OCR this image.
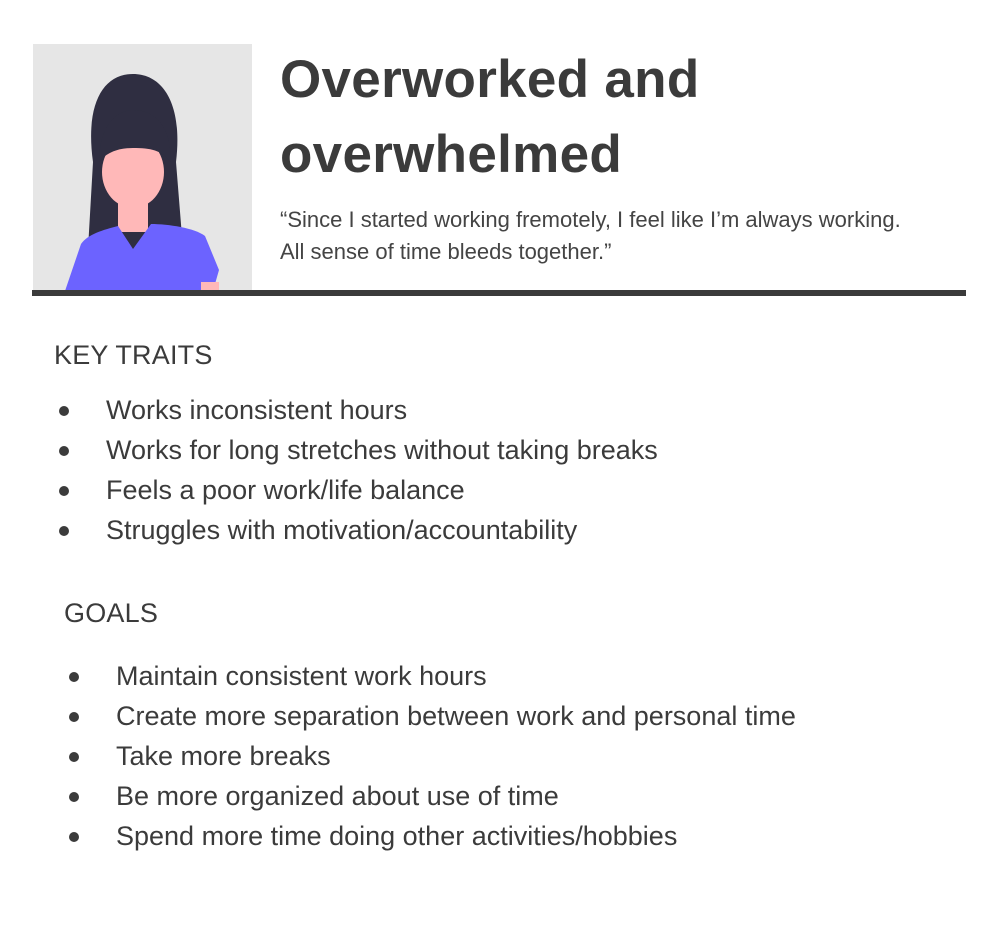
Overworked and overwhelmed

“Since I started working fremotely, I feel like I’m always working. All sense of time bleeds together.”

KEY TRAITS
Works inconsistent hours
Works for long stretches without taking breaks
Feels a poor work/life balance
Struggles with motivation/accountability
GOALS
Maintain consistent work hours
Create more separation between work and personal time
Take more breaks
Be more organized about use of time
Spend more time doing other activities/hobbies
